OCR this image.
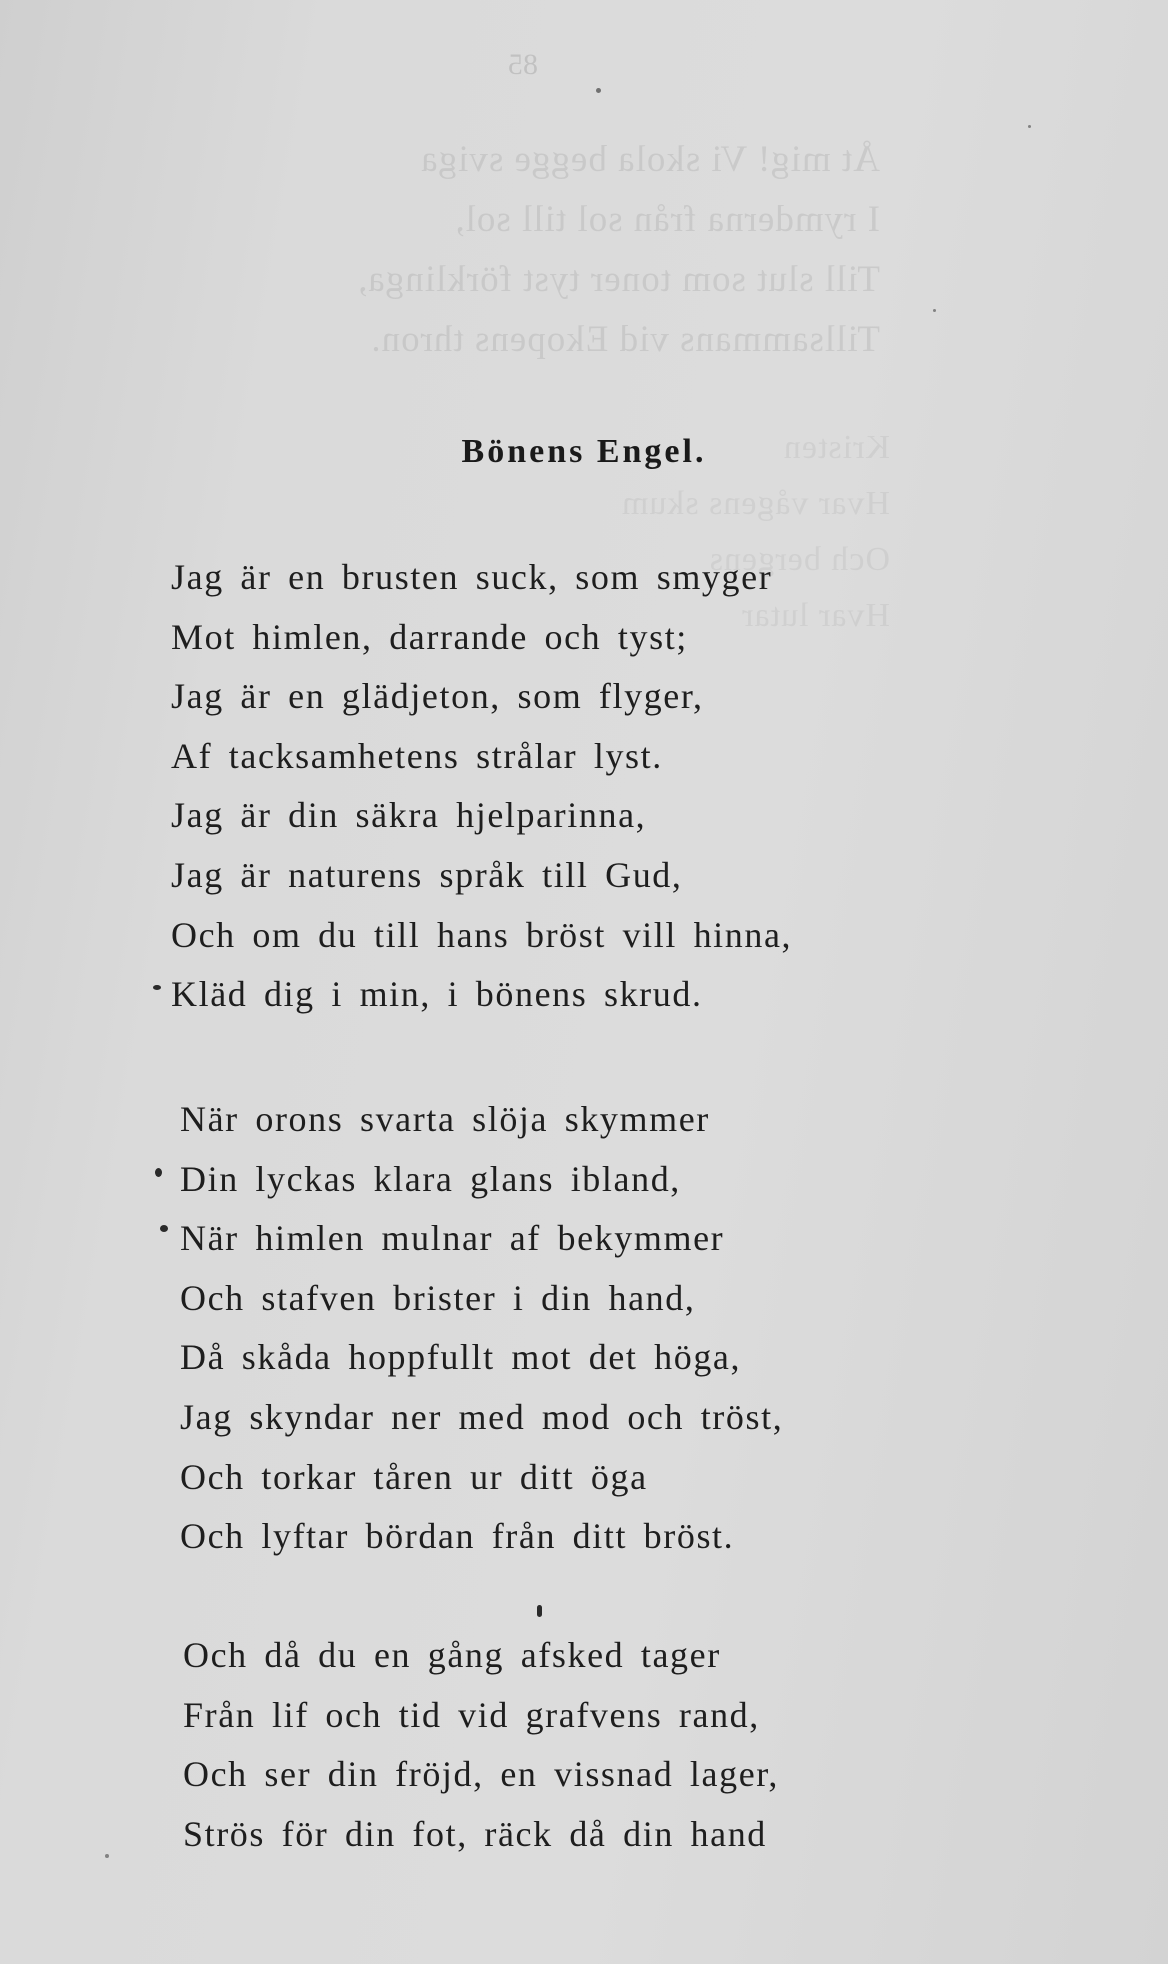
85
Åt mig! Vi skola begge sviga
I rymderna från sol till sol,
Till slut som toner tyst förklinga,
Tillsammans vid Ekopens thron.
Kristen
Hvar vågens skum
Och bergens
Hvar lutar
Bönens Engel.
Jag är en brusten suck, som smyger
Mot himlen, darrande och tyst;
Jag är en glädjeton, som flyger,
Af tacksamhetens strålar lyst.
Jag är din säkra hjelparinna,
Jag är naturens språk till Gud,
Och om du till hans bröst vill hinna,
Kläd dig i min, i bönens skrud.
När orons svarta slöja skymmer
Din lyckas klara glans ibland,
När himlen mulnar af bekymmer
Och stafven brister i din hand,
Då skåda hoppfullt mot det höga,
Jag skyndar ner med mod och tröst,
Och torkar tåren ur ditt öga
Och lyftar bördan från ditt bröst.
Och då du en gång afsked tager
Från lif och tid vid grafvens rand,
Och ser din fröjd, en vissnad lager,
Strös för din fot, räck då din hand
